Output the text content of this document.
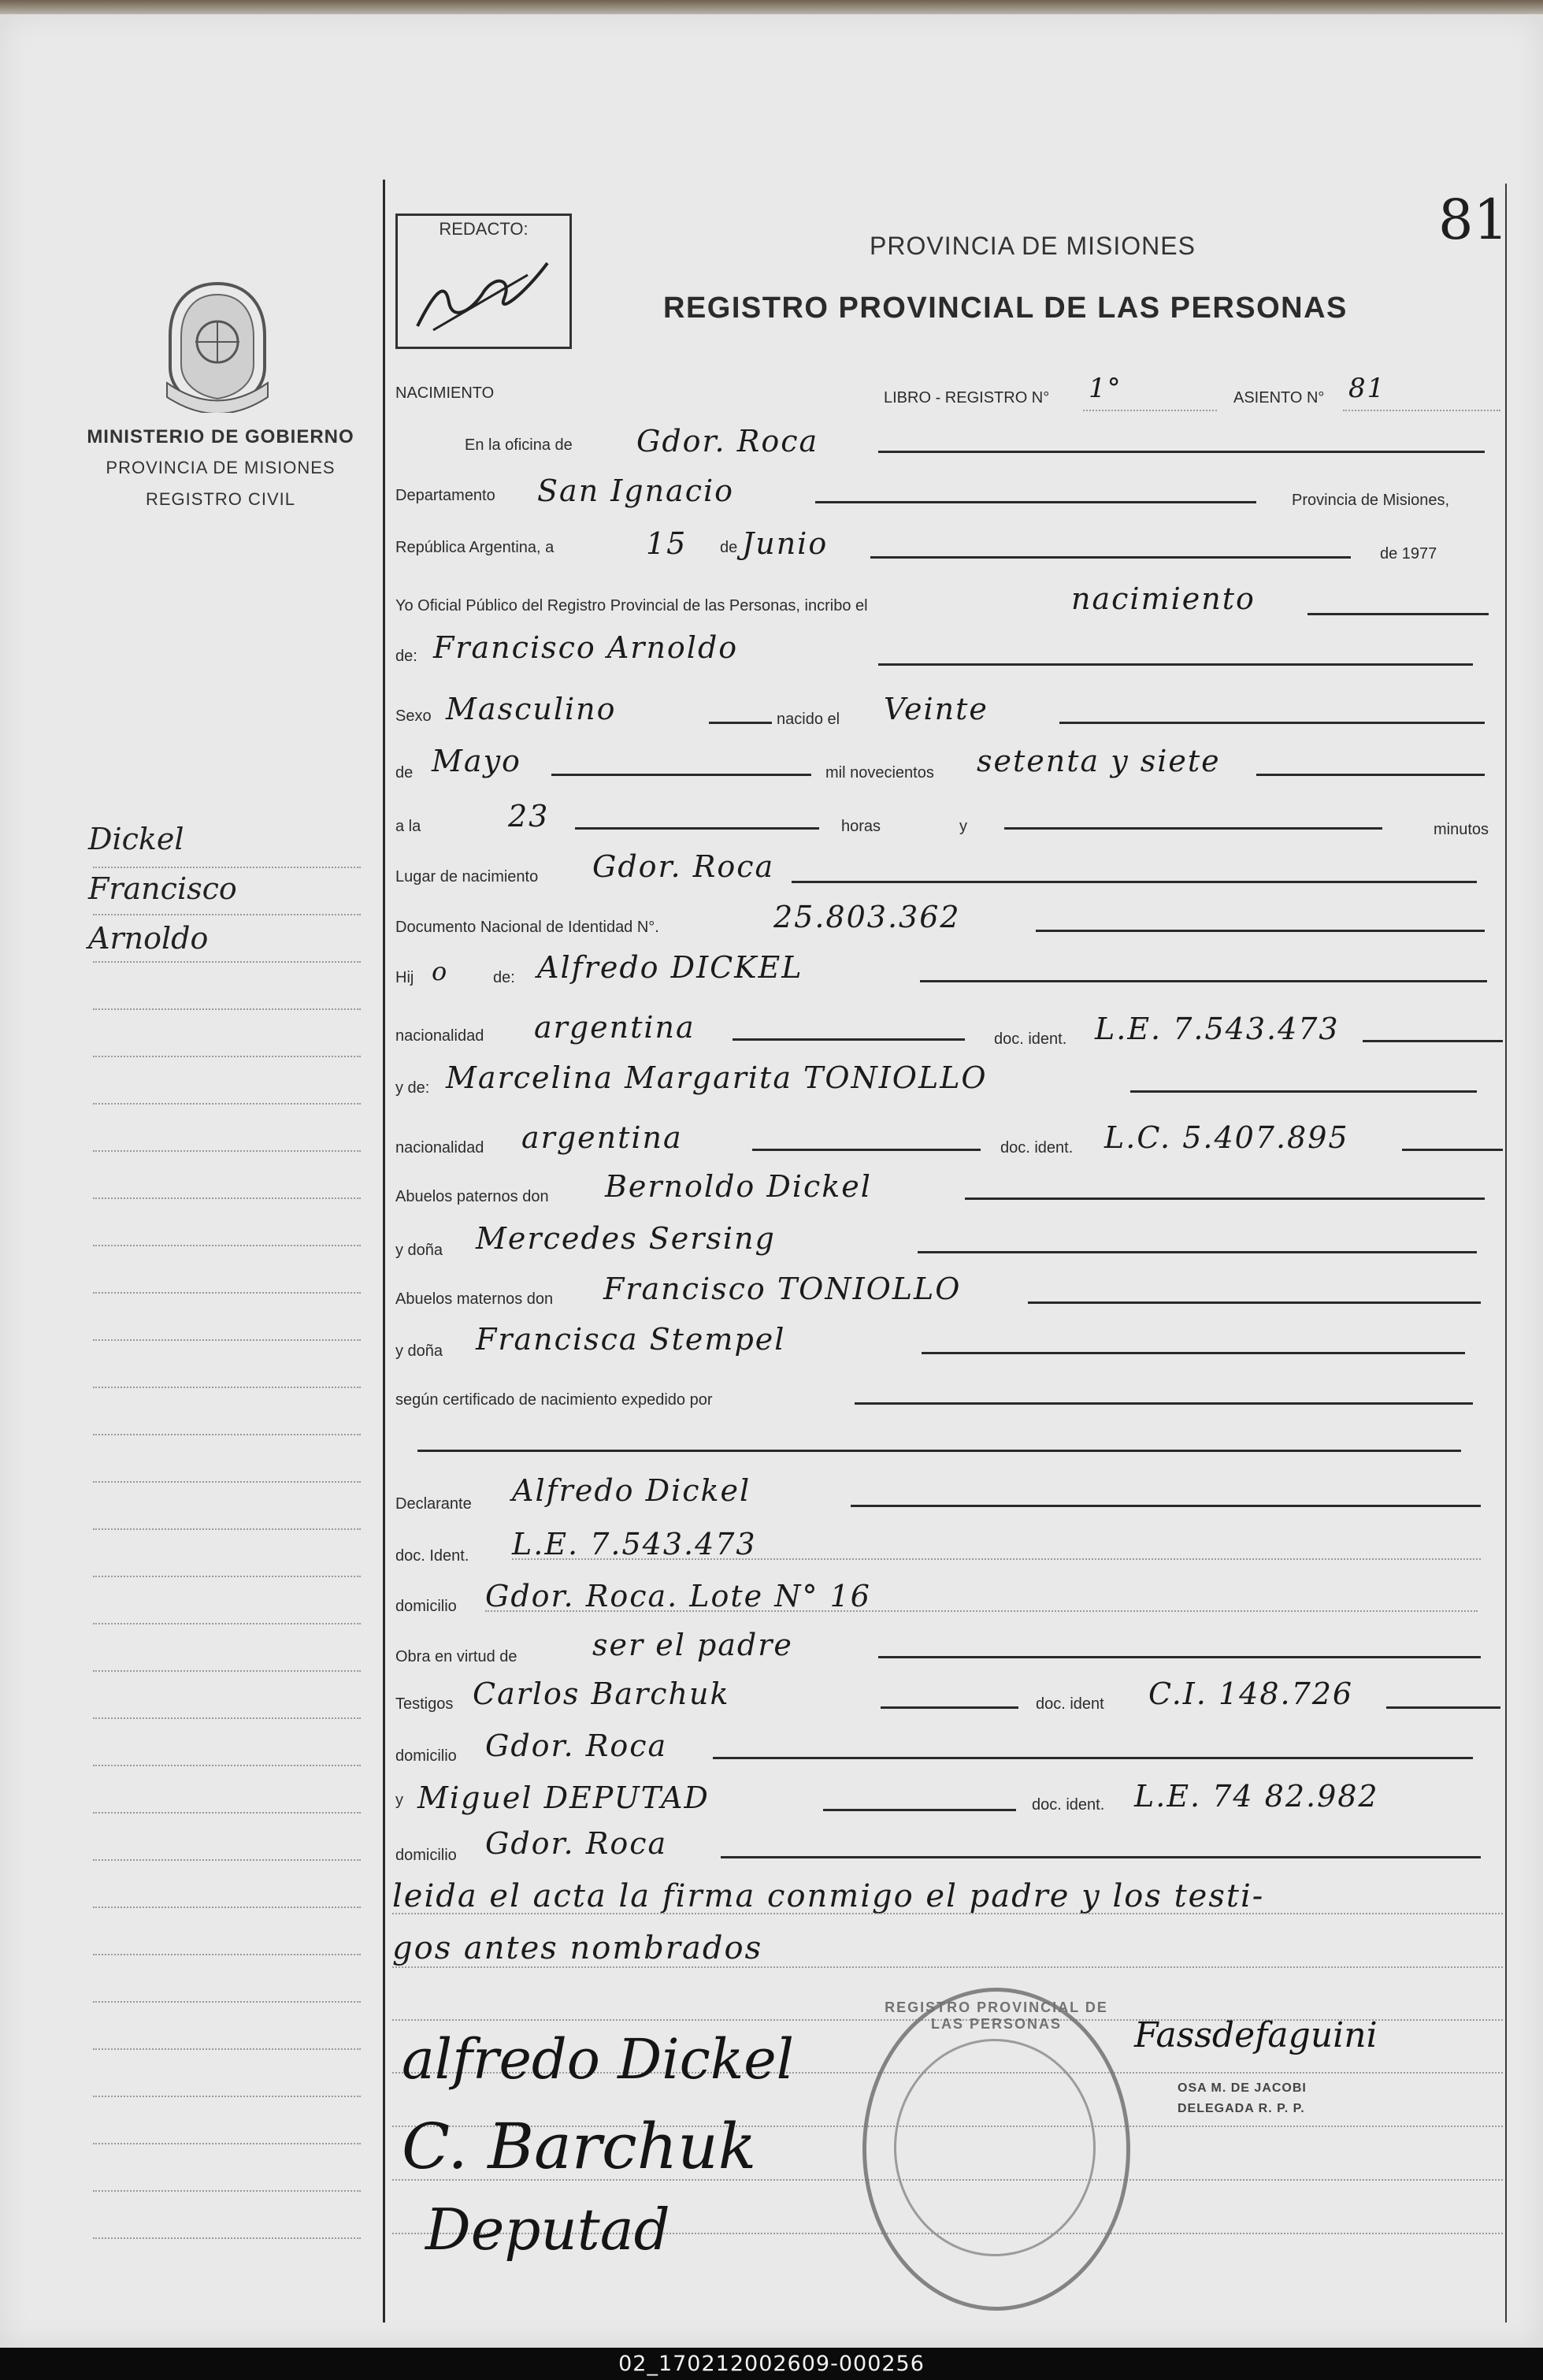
MINISTERIO DE GOBIERNO
PROVINCIA DE MISIONES
REGISTRO CIVIL
Dickel
Francisco
Arnoldo
REDACTO:
PROVINCIA DE MISIONES
REGISTRO PROVINCIAL DE LAS PERSONAS
81
NACIMIENTO	LIBRO - REGISTRO N° 1°	ASIENTO N° 81
En la oficina de Gdor. Roca
Departamento San Ignacio	Provincia de Misiones,
República Argentina, a	15 de Junio	de 1977
Yo Oficial Público del Registro Provincial de las Personas, incribo el	nacimiento
de: Francisco Arnoldo
Sexo Masculino	nacido el Veinte
de Mayo	mil novecientos setenta y siete
a la	23	horas	y	minutos
Lugar de nacimiento Gdor. Roca
Documento Nacional de Identidad N°.	25.803.362
Hij o	de: Alfredo DICKEL
nacionalidad argentina	doc. ident. L.E. 7.543.473
y de: Marcelina Margarita TONIOLLO
nacionalidad argentina	doc. ident. L.C. 5.407.895
Abuelos paternos don Bernoldo Dickel
y doña Mercedes Sersing
Abuelos maternos don Francisco TONIOLLO
y doña Francisca Stempel
según certificado de nacimiento expedido por
Declarante Alfredo Dickel
doc. Ident. L.E. 7.543.473
domicilio Gdor. Roca. Lote N° 16
Obra en virtud de	ser el padre
Testigos Carlos Barchuk	doc. ident C.I. 148.726
domicilio Gdor. Roca
y Miguel DEPUTAD	doc. ident. L.E. 74 82.982
domicilio Gdor. Roca
leida el acta la firma conmigo el padre y los testi-
gos antes nombrados
REGISTRO PROVINCIAL DE LAS PERSONAS
alfredo Dickel
C. Barchuk
Deputad
Fassdefaguini
OSA M. DE JACOBI
DELEGADA R. P. P.
02_170212002609-000256
